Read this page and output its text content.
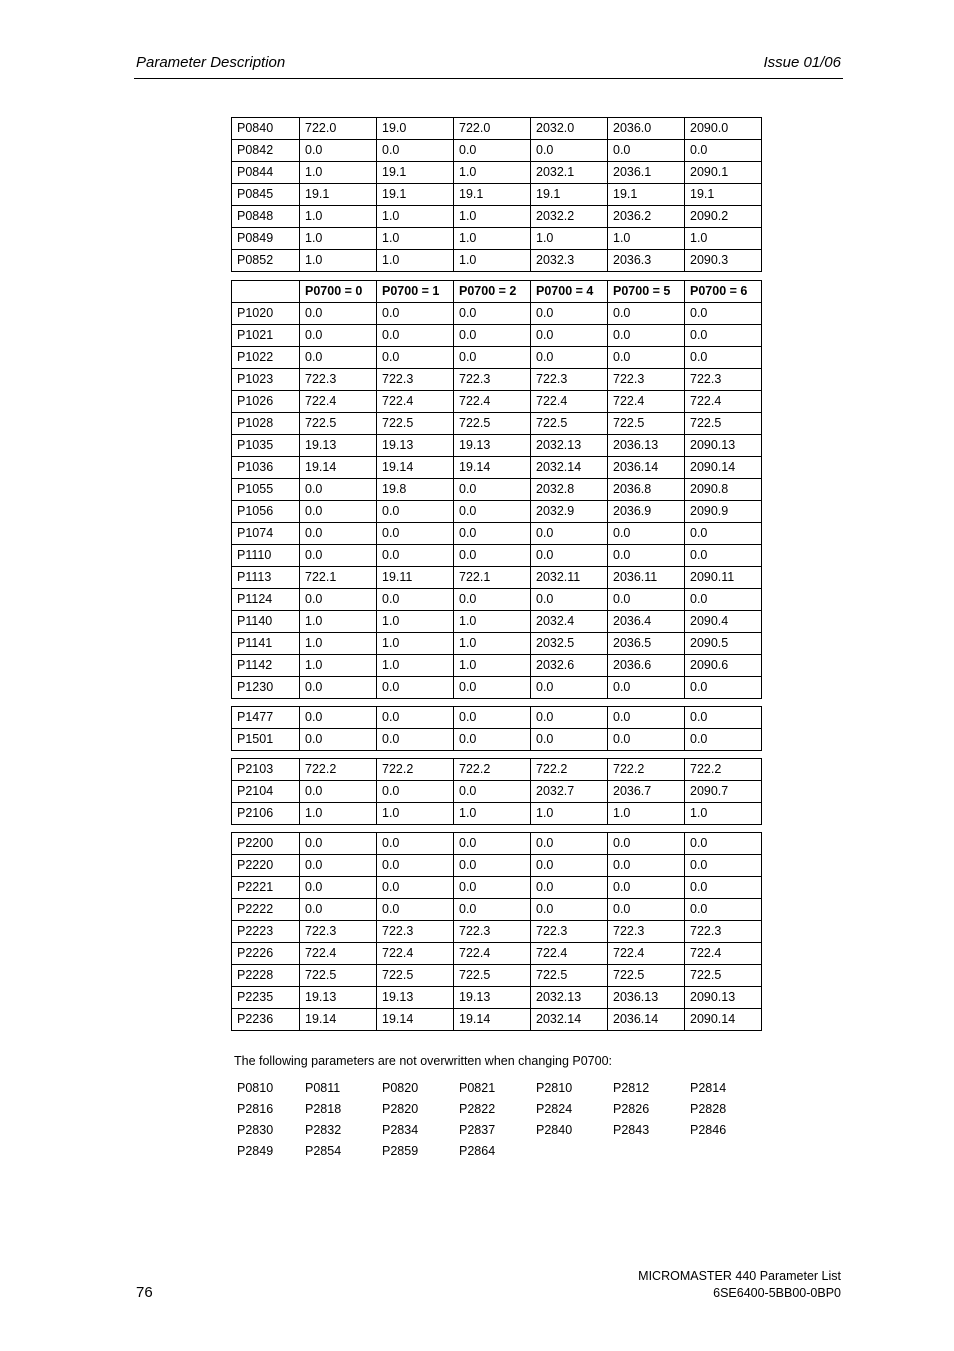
Parameter Description	Issue 01/06
P0840	722.0	19.0	722.0	2032.0	2036.0	2090.0
P0842	0.0	0.0	0.0	0.0	0.0	0.0
P0844	1.0	19.1	1.0	2032.1	2036.1	2090.1
P0845	19.1	19.1	19.1	19.1	19.1	19.1
P0848	1.0	1.0	1.0	2032.2	2036.2	2090.2
P0849	1.0	1.0	1.0	1.0	1.0	1.0
P0852	1.0	1.0	1.0	2032.3	2036.3	2090.3
	P0700 = 0	P0700 = 1	P0700 = 2	P0700 = 4	P0700 = 5	P0700 = 6
P1020	0.0	0.0	0.0	0.0	0.0	0.0
P1021	0.0	0.0	0.0	0.0	0.0	0.0
P1022	0.0	0.0	0.0	0.0	0.0	0.0
P1023	722.3	722.3	722.3	722.3	722.3	722.3
P1026	722.4	722.4	722.4	722.4	722.4	722.4
P1028	722.5	722.5	722.5	722.5	722.5	722.5
P1035	19.13	19.13	19.13	2032.13	2036.13	2090.13
P1036	19.14	19.14	19.14	2032.14	2036.14	2090.14
P1055	0.0	19.8	0.0	2032.8	2036.8	2090.8
P1056	0.0	0.0	0.0	2032.9	2036.9	2090.9
P1074	0.0	0.0	0.0	0.0	0.0	0.0
P1110	0.0	0.0	0.0	0.0	0.0	0.0
P1113	722.1	19.11	722.1	2032.11	2036.11	2090.11
P1124	0.0	0.0	0.0	0.0	0.0	0.0
P1140	1.0	1.0	1.0	2032.4	2036.4	2090.4
P1141	1.0	1.0	1.0	2032.5	2036.5	2090.5
P1142	1.0	1.0	1.0	2032.6	2036.6	2090.6
P1230	0.0	0.0	0.0	0.0	0.0	0.0
P1477	0.0	0.0	0.0	0.0	0.0	0.0
P1501	0.0	0.0	0.0	0.0	0.0	0.0
P2103	722.2	722.2	722.2	722.2	722.2	722.2
P2104	0.0	0.0	0.0	2032.7	2036.7	2090.7
P2106	1.0	1.0	1.0	1.0	1.0	1.0
P2200	0.0	0.0	0.0	0.0	0.0	0.0
P2220	0.0	0.0	0.0	0.0	0.0	0.0
P2221	0.0	0.0	0.0	0.0	0.0	0.0
P2222	0.0	0.0	0.0	0.0	0.0	0.0
P2223	722.3	722.3	722.3	722.3	722.3	722.3
P2226	722.4	722.4	722.4	722.4	722.4	722.4
P2228	722.5	722.5	722.5	722.5	722.5	722.5
P2235	19.13	19.13	19.13	2032.13	2036.13	2090.13
P2236	19.14	19.14	19.14	2032.14	2036.14	2090.14
The following parameters are not overwritten when changing P0700:
P0810	P0811	P0820	P0821	P2810	P2812	P2814
P2816	P2818	P2820	P2822	P2824	P2826	P2828
P2830	P2832	P2834	P2837	P2840	P2843	P2846
P2849	P2854	P2859	P2864			
76
MICROMASTER 440 Parameter List
6SE6400-5BB00-0BP0
